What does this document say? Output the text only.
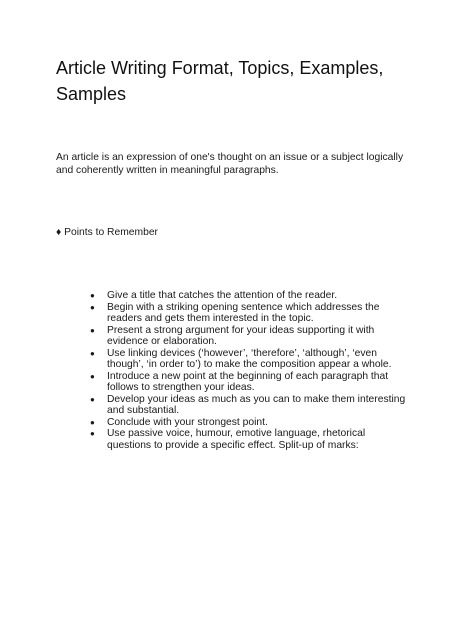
Article Writing Format, Topics, Examples, Samples

An article is an expression of one's thought on an issue or a subject logically and coherently written in meaningful paragraphs.

♦ Points to Remember

● Give a title that catches the attention of the reader.
● Begin with a striking opening sentence which addresses the readers and gets them interested in the topic.
● Present a strong argument for your ideas supporting it with evidence or elaboration.
● Use linking devices (‘however’, ‘therefore’, ‘although’, ‘even though’, ‘in order to’) to make the composition appear a whole.
● Introduce a new point at the beginning of each paragraph that follows to strengthen your ideas.
● Develop your ideas as much as you can to make them interesting and substantial.
● Conclude with your strongest point.
● Use passive voice, humour, emotive language, rhetorical questions to provide a specific effect. Split-up of marks:
